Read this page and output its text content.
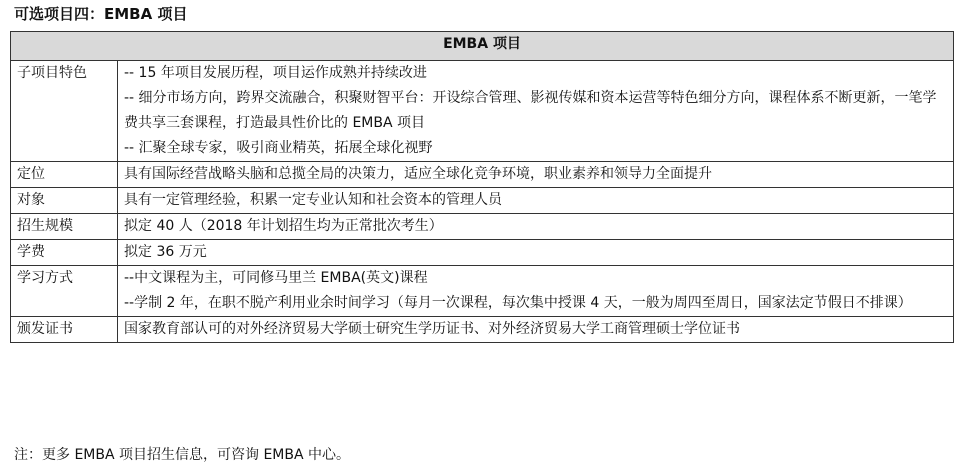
可选项目四：EMBA 项目
EMBA 项目	
子项目特色	-- 15 年项目发展历程，项目运作成熟并持续改进
-- 细分市场方向，跨界交流融合，积聚财智平台：开设综合管理、影视传媒和资本运营等特色细分方向，课程体系不断更新，一笔学费共享三套课程，打造最具性价比的 EMBA 项目
-- 汇聚全球专家，吸引商业精英，拓展全球化视野

定位	具有国际经营战略头脑和总揽全局的决策力，适应全球化竞争环境，职业素养和领导力全面提升

对象	具有一定管理经验，积累一定专业认知和社会资本的管理人员

招生规模	拟定 40 人（2018 年计划招生均为正常批次考生）

学费	拟定 36 万元

学习方式	--中文课程为主，可同修马里兰 EMBA(英文)课程
--学制 2 年，在职不脱产利用业余时间学习（每月一次课程，每次集中授课 4 天，一般为周四至周日，国家法定节假日不排课）

颁发证书	国家教育部认可的对外经济贸易大学硕士研究生学历证书、对外经济贸易大学工商管理硕士学位证书
注：更多 EMBA 项目招生信息，可咨询 EMBA 中心。
